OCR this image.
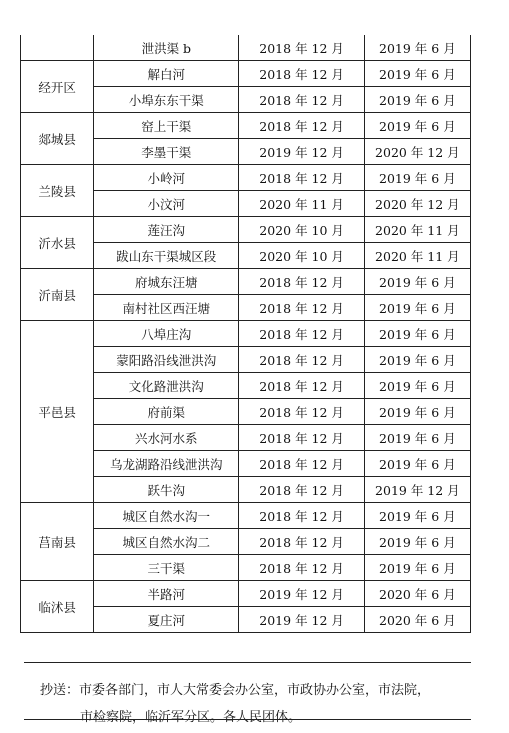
	泄洪渠 b	2018 年 12 月	2019 年 6 月
经开区	解白河	2018 年 12 月	2019 年 6 月
	小埠东东干渠	2018 年 12 月	2019 年 6 月
郯城县	窑上干渠	2018 年 12 月	2019 年 6 月
	李墨干渠	2019 年 12 月	2020 年 12 月
兰陵县	小岭河	2018 年 12 月	2019 年 6 月
	小汶河	2020 年 11 月	2020 年 12 月
沂水县	莲汪沟	2020 年 10 月	2020 年 11 月
	跋山东干渠城区段	2020 年 10 月	2020 年 11 月
沂南县	府城东汪塘	2018 年 12 月	2019 年 6 月
	南村社区西汪塘	2018 年 12 月	2019 年 6 月
平邑县	八埠庄沟	2018 年 12 月	2019 年 6 月
	蒙阳路沿线泄洪沟	2018 年 12 月	2019 年 6 月
	文化路泄洪沟	2018 年 12 月	2019 年 6 月
	府前渠	2018 年 12 月	2019 年 6 月
	兴水河水系	2018 年 12 月	2019 年 6 月
	乌龙湖路沿线泄洪沟	2018 年 12 月	2019 年 6 月
	跃牛沟	2018 年 12 月	2019 年 12 月
莒南县	城区自然水沟一	2018 年 12 月	2019 年 6 月
	城区自然水沟二	2018 年 12 月	2019 年 6 月
	三干渠	2018 年 12 月	2019 年 6 月
临沭县	半路河	2019 年 12 月	2020 年 6 月
	夏庄河	2019 年 12 月	2020 年 6 月
抄送：市委各部门，市人大常委会办公室，市政协办公室，市法院，
市检察院，临沂军分区。各人民团体。
